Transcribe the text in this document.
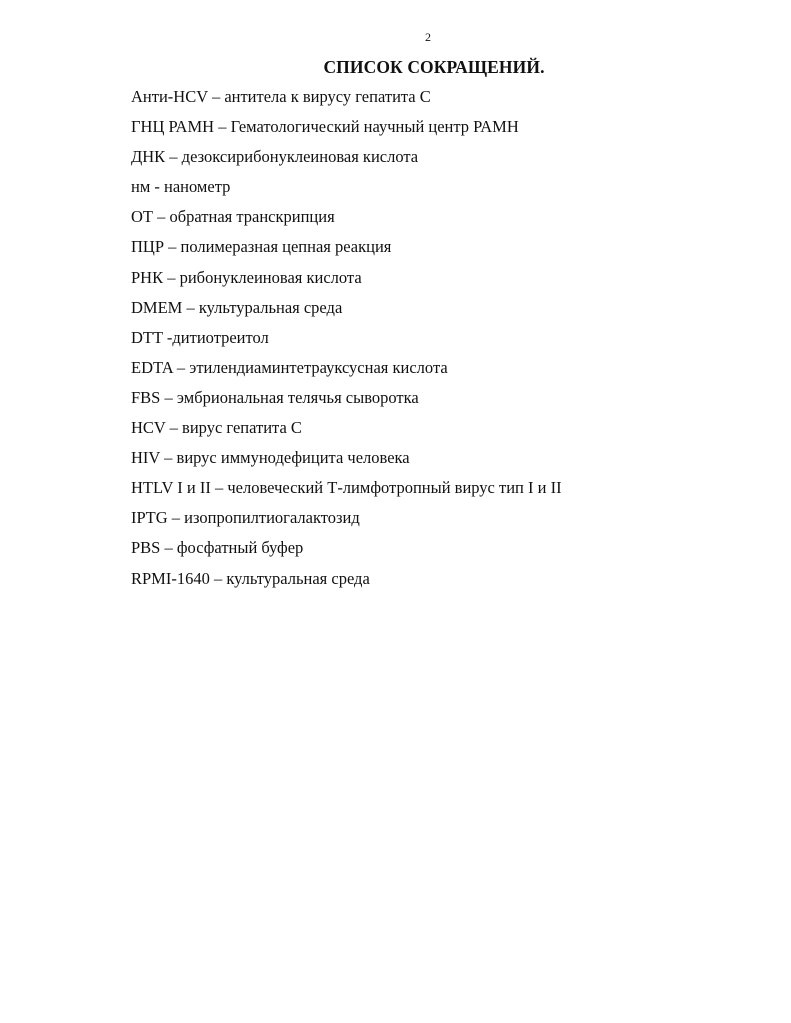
2
СПИСОК СОКРАЩЕНИЙ.
Анти-HCV – антитела к вирусу гепатита С
ГНЦ РАМН – Гематологический научный центр РАМН
ДНК – дезоксирибонуклеиновая кислота
нм - нанометр
ОТ – обратная транскрипция
ПЦР – полимеразная цепная реакция
РНК – рибонуклеиновая кислота
DMEM – культуральная среда
DTT -дитиотреитол
EDTA – этилендиаминтетрауксусная кислота
FBS – эмбриональная телячья сыворотка
HCV – вирус гепатита С
HIV – вирус иммунодефицита человека
HTLV I и II – человеческий Т-лимфотропный вирус тип I и II
IPTG – изопропилтиогалактозид
PBS – фосфатный буфер
RPMI-1640 – культуральная среда
